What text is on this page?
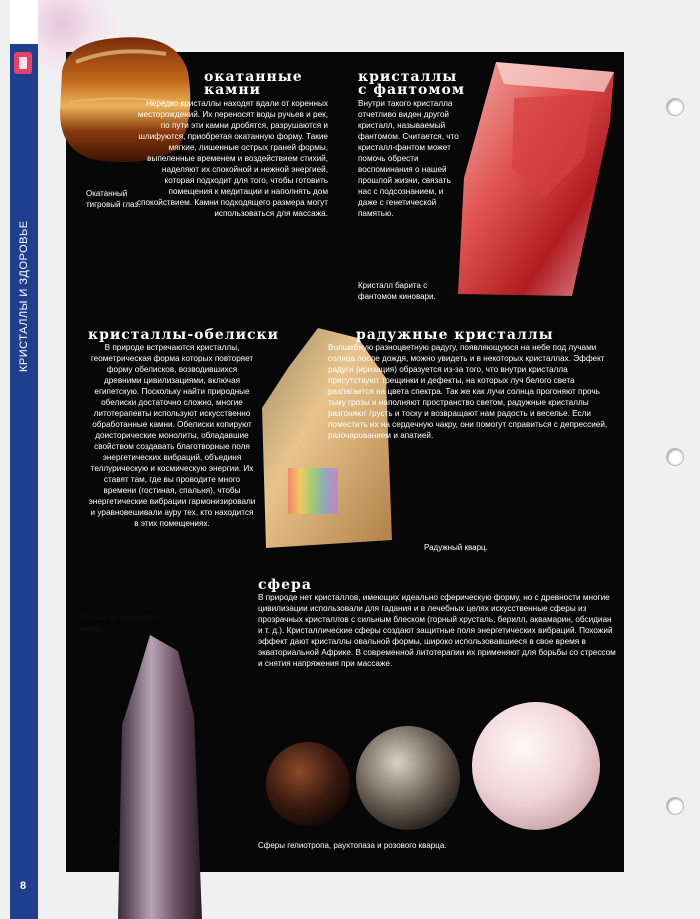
КРИСТАЛЛЫ И ЗДОРОВЬЕ
окатанные
камни
Нередко кристаллы находят вдали от коренных месторождений. Их переносят воды ручьев и рек, по пути эти камни дробятся, разрушаются и шлифуются, приобретая окатанную форму. Такие мягкие, лишенные острых граней формы, выпеленные временем и воздействием стихий, наделяют их спокойной и нежной энергией, которая подходит для того, чтобы готовить помещения к медитации и наполнять дом спокойствием. Камни подходящего размера могут использоваться для массажа.
Окатанный тигровый глаз.
кристаллы
с фантомом
Внутри такого кристалла отчетливо виден другой кристалл, называемый фантомом. Считается, что кристалл-фантом может помочь обрести воспоминания о нашей прошлой жизни, связать нас с подсознанием, и даже с генетической памятью.
Кристалл барита с фантомом киновари.
кристаллы-обелиски
В природе встречаются кристаллы, геометрическая форма которых повторяет форму обелисков, возводившихся древними цивилизациями, включая египетскую. Поскольку найти природные обелиски достаточно сложно, многие литотерапевты используют искусственно обработанные камни. Обелиски копируют доисторические монолиты, обладавшие свойством создавать благотворные поля энергетических вибраций, объединя теллурическую и космическую энергии. Их ставят там, где вы проводите много времени (гостиная, спальня), чтобы энергетические вибрации гармонизировали и уравновешивали ауру тех, кто находится в этих помещениях.
радужные кристаллы
Волшебную разноцветную радугу, появляющуюся на небе под лучами солнца после дождя, можно увидеть и в некоторых кристаллах. Эффект радуги (иризация) образуется из-за того, что внутри кристалла присутствуют трещинки и дефекты, на которых луч белого света разлагается на цвета спектра. Так же как лучи солнца прогоняют прочь тьму грозы и наполняют пространство светом, радужные кристаллы разгоняют грусть и тоску и возвращают нам радость и веселье. Если поместить их на сердечную чакру, они помогут справиться с депрессией, разочарованием и апатией.
Радужный кварц.
сфера
В природе нет кристаллов, имеющих идеально сферическую форму, но с древности многие цивилизации использовали для гадания и в лечебных целях искусственные сферы из прозрачных кристаллов с сильным блеском (горный хрусталь, берилл, аквамарин, обсидиан и т. д.). Кристаллические сферы создают защитные поля энергетических вибраций. Похожий эффект дают кристаллы овальной формы, широко использовавшиеся в свое время в экваториальной Африке. В современной литотерапии их применяют для борьбы со стрессом и снятия напряжения при массаже.
Сферы гелиотропа, раухтопаза и розового кварца.
Обелиск из природного кварца.
8
